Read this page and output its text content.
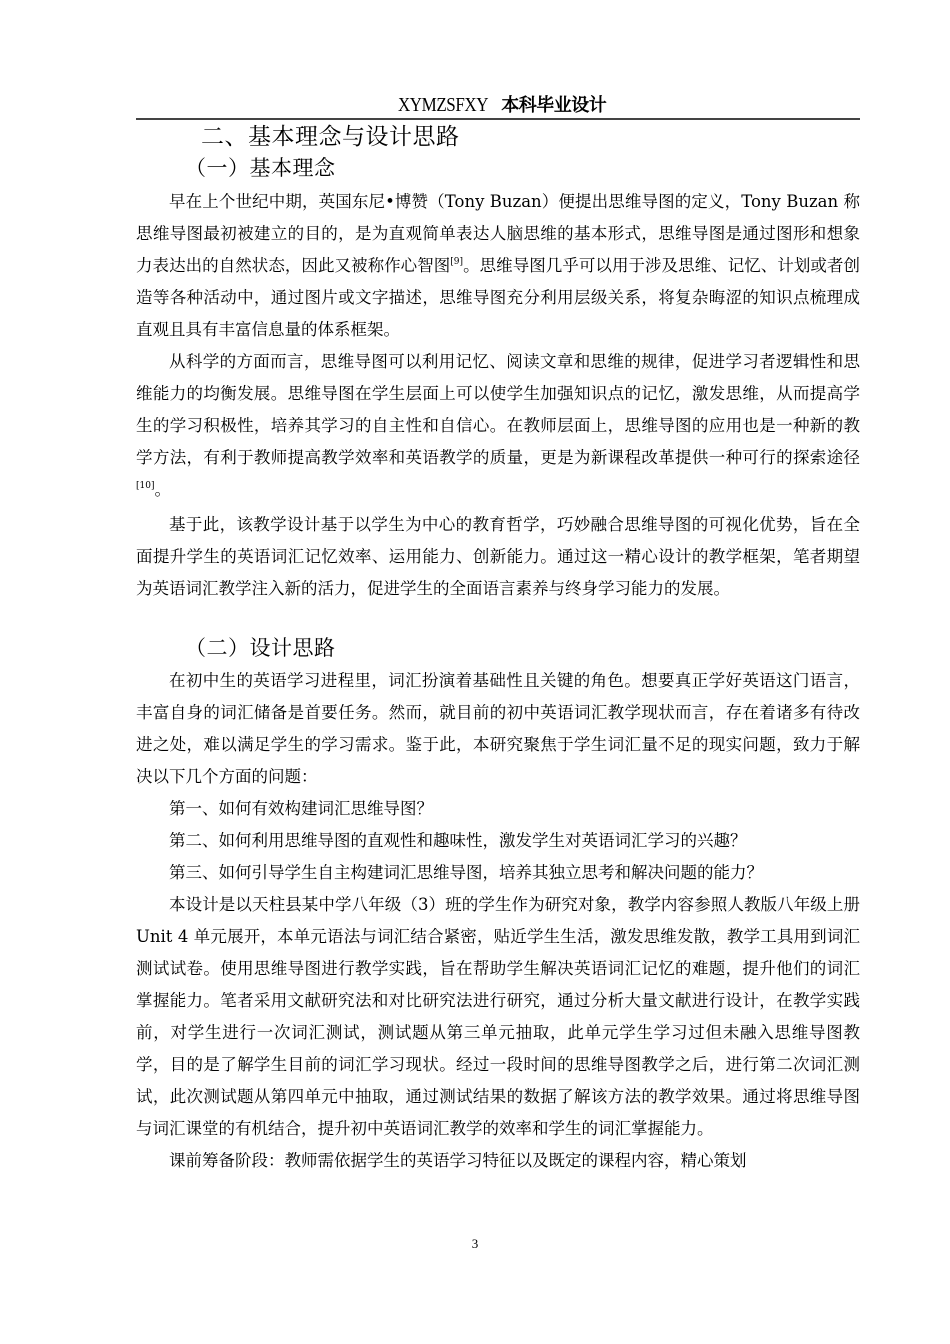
XYMZSFXY 本科毕业设计
二、基本理念与设计思路
（一）基本理念

早在上个世纪中期，英国东尼•博赞（Tony Buzan）便提出思维导图的定义，Tony Buzan 称思维导图最初被建立的目的，是为直观简单表达人脑思维的基本形式，思维导图是通过图形和想象力表达出的自然状态，因此又被称作心智图[9]。思维导图几乎可以用于涉及思维、记忆、计划或者创造等各种活动中，通过图片或文字描述，思维导图充分利用层级关系，将复杂晦涩的知识点梳理成直观且具有丰富信息量的体系框架。

从科学的方面而言，思维导图可以利用记忆、阅读文章和思维的规律，促进学习者逻辑性和思维能力的均衡发展。思维导图在学生层面上可以使学生加强知识点的记忆，激发思维，从而提高学生的学习积极性，培养其学习的自主性和自信心。在教师层面上，思维导图的应用也是一种新的教学方法，有利于教师提高教学效率和英语教学的质量，更是为新课程改革提供一种可行的探索途径[10]。

基于此，该教学设计基于以学生为中心的教育哲学，巧妙融合思维导图的可视化优势，旨在全面提升学生的英语词汇记忆效率、运用能力、创新能力。通过这一精心设计的教学框架，笔者期望为英语词汇教学注入新的活力，促进学生的全面语言素养与终身学习能力的发展。

（二）设计思路

在初中生的英语学习进程里，词汇扮演着基础性且关键的角色。想要真正学好英语这门语言，丰富自身的词汇储备是首要任务。然而，就目前的初中英语词汇教学现状而言，存在着诸多有待改进之处，难以满足学生的学习需求。鉴于此，本研究聚焦于学生词汇量不足的现实问题，致力于解决以下几个方面的问题：

第一、如何有效构建词汇思维导图？

第二、如何利用思维导图的直观性和趣味性，激发学生对英语词汇学习的兴趣？

第三、如何引导学生自主构建词汇思维导图，培养其独立思考和解决问题的能力？

本设计是以天柱县某中学八年级（3）班的学生作为研究对象，教学内容参照人教版八年级上册 Unit 4 单元展开，本单元语法与词汇结合紧密，贴近学生生活，激发思维发散，教学工具用到词汇测试试卷。使用思维导图进行教学实践，旨在帮助学生解决英语词汇记忆的难题，提升他们的词汇掌握能力。笔者采用文献研究法和对比研究法进行研究，通过分析大量文献进行设计，在教学实践前，对学生进行一次词汇测试，测试题从第三单元抽取，此单元学生学习过但未融入思维导图教学，目的是了解学生目前的词汇学习现状。经过一段时间的思维导图教学之后，进行第二次词汇测试，此次测试题从第四单元中抽取，通过测试结果的数据了解该方法的教学效果。通过将思维导图与词汇课堂的有机结合，提升初中英语词汇教学的效率和学生的词汇掌握能力。

课前筹备阶段：教师需依据学生的英语学习特征以及既定的课程内容，精心策划

3
